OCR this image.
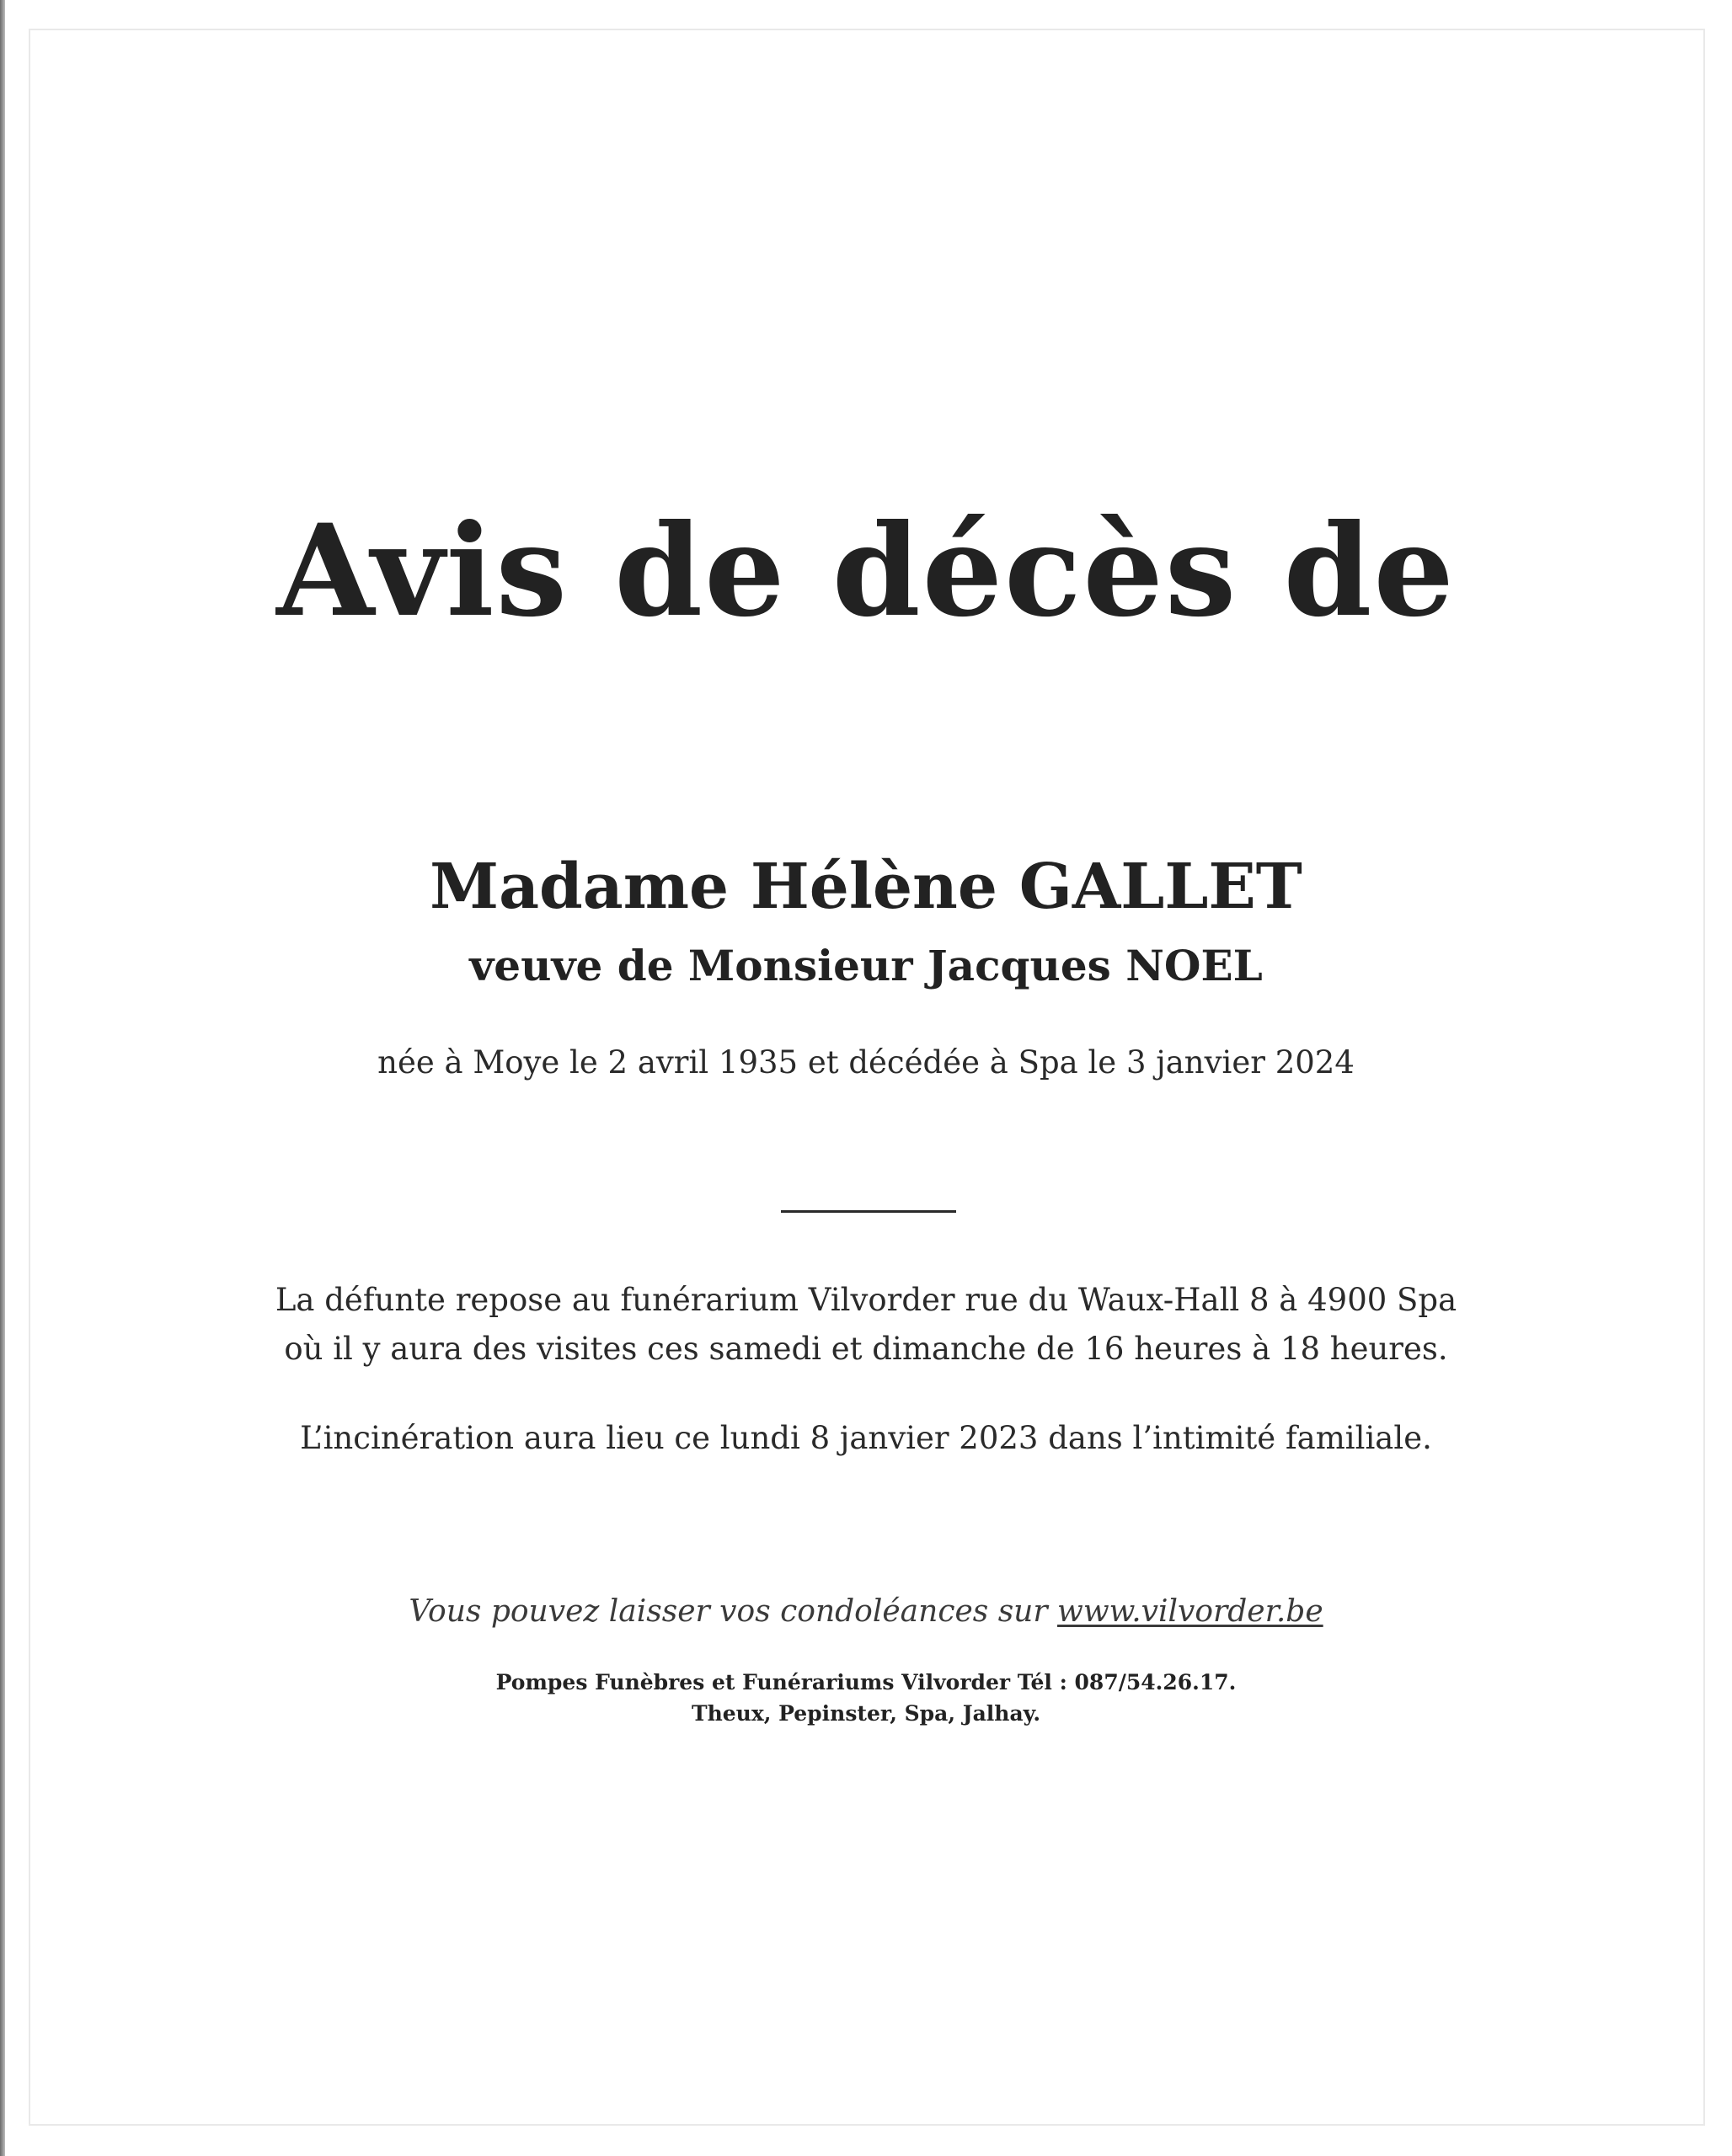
Avis de décès de
Madame Hélène GALLET
veuve de Monsieur Jacques NOEL
née à Moye le 2 avril 1935 et décédée à Spa le 3 janvier 2024
La défunte repose au funérarium Vilvorder rue du Waux-Hall 8 à 4900 Spa
où il y aura des visites ces samedi et dimanche de 16 heures à 18 heures.
L’incinération aura lieu ce lundi 8 janvier 2023 dans l’intimité familiale.
Vous pouvez laisser vos condoléances sur www.vilvorder.be
Pompes Funèbres et Funérariums Vilvorder Tél : 087/54.26.17.
Theux, Pepinster, Spa, Jalhay.
